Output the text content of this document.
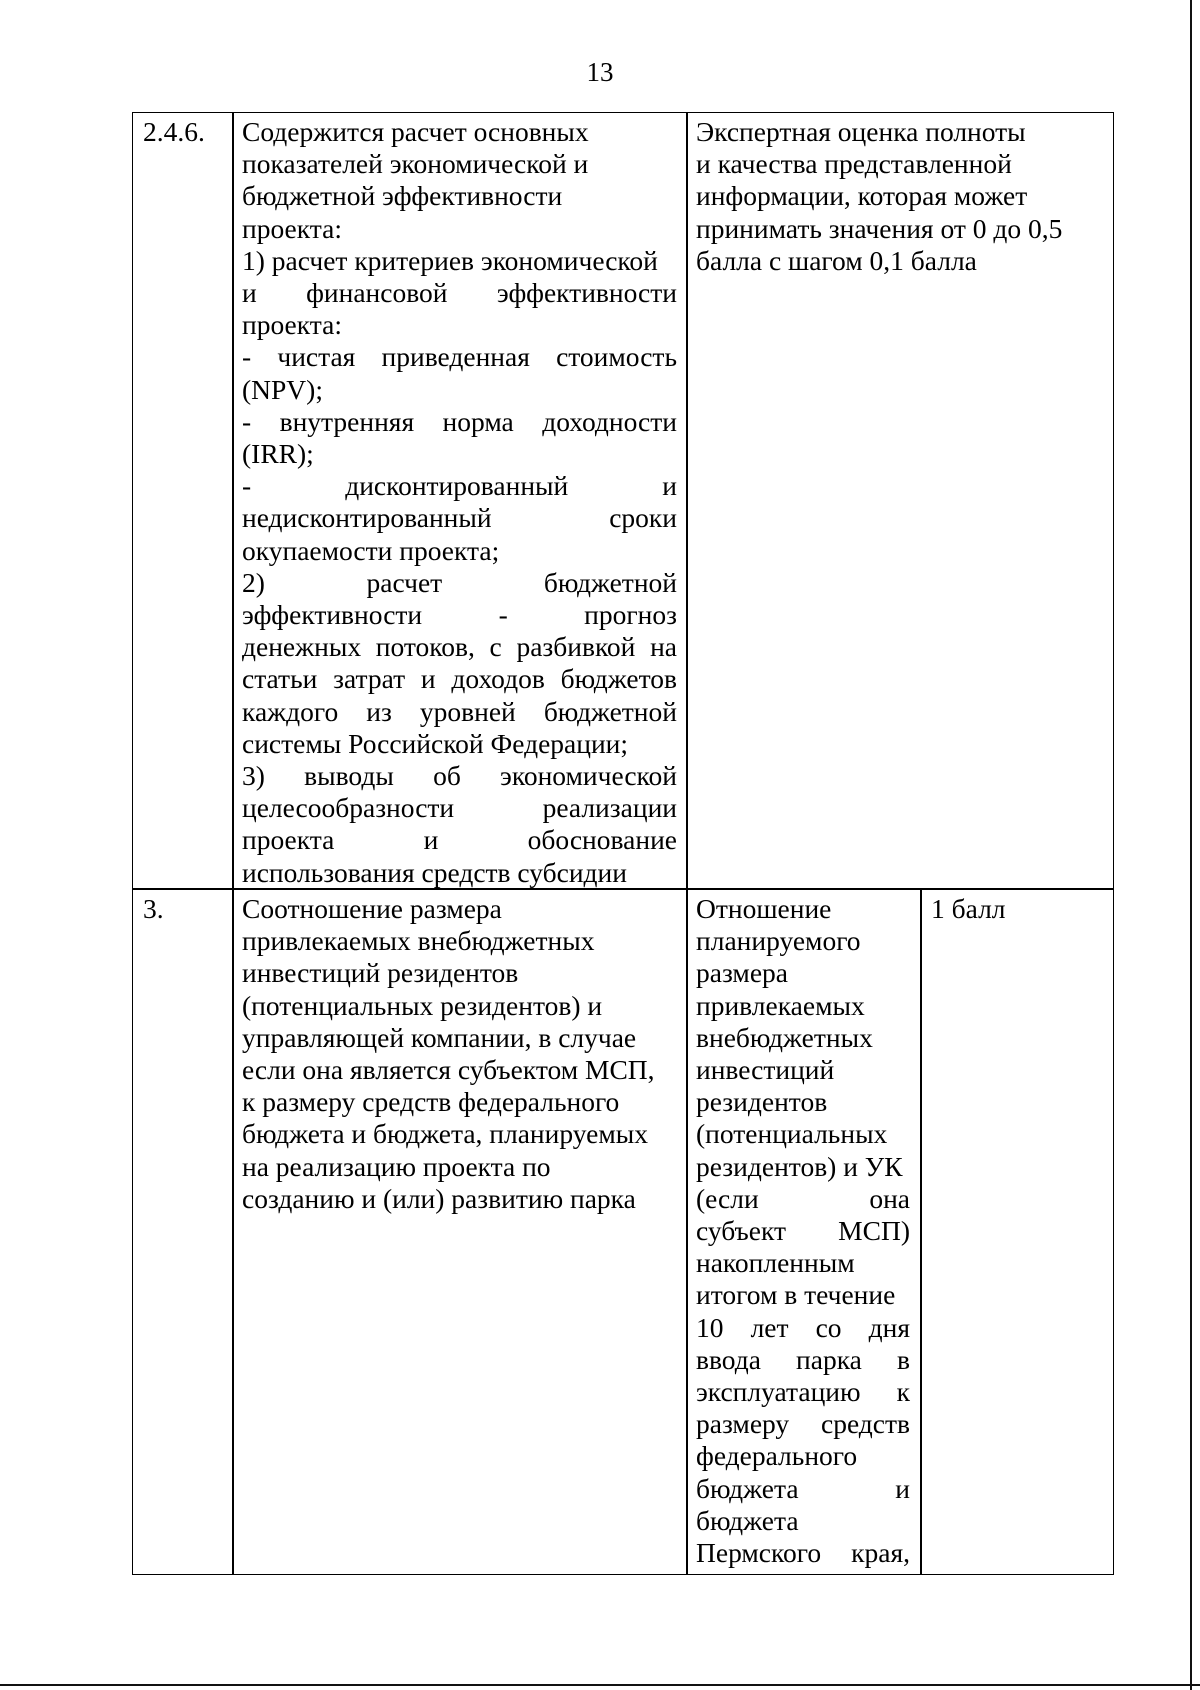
13
2.4.6.	Содержится расчет основных
показателей экономической и
бюджетной эффективности
проекта:
1) расчет критериев экономической
и финансовой эффективности
проекта:
- чистая приведенная стоимость
(NPV);
- внутренняя норма доходности
(IRR);
- дисконтированный и
недисконтированный сроки
окупаемости проекта;
2) расчет бюджетной
эффективности - прогноз
денежных потоков, с разбивкой на
статьи затрат и доходов бюджетов
каждого из уровней бюджетной
системы Российской Федерации;
3) выводы об экономической
целесообразности реализации
проекта и обоснование
использования средств субсидии
Экспертная оценка полноты
и качества представленной
информации, которая может
принимать значения от 0 до 0,5
балла с шагом 0,1 балла
3.	Соотношение размера
привлекаемых внебюджетных
инвестиций резидентов
(потенциальных резидентов) и
управляющей компании, в случае
если она является субъектом МСП,
к размеру средств федерального
бюджета и бюджета, планируемых
на реализацию проекта по
созданию и (или) развитию парка
Отношение
планируемого
размера
привлекаемых
внебюджетных
инвестиций
резидентов
(потенциальных
резидентов) и УК
(если она
субъект МСП)
накопленным
итогом в течение
10 лет со дня
ввода парка в
эксплуатацию к
размеру средств
федерального
бюджета и
бюджета
Пермского края,
1 балл
